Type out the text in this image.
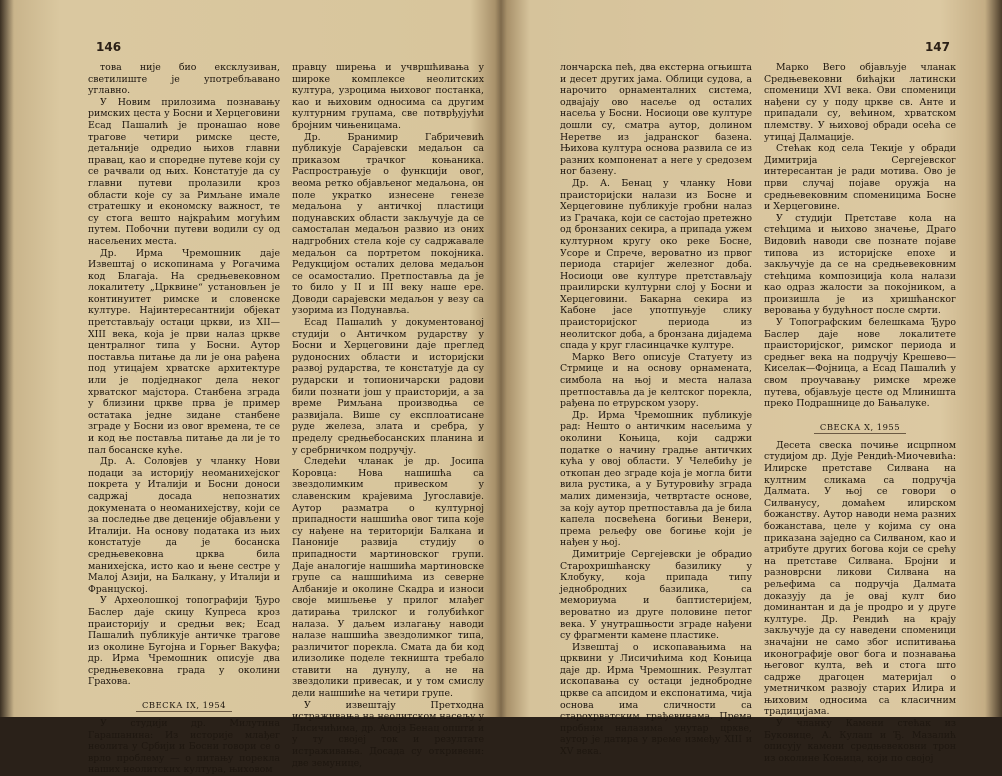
146

това није био ексклузиван, светилиште је употребљавано углавно.

У Новим прилозима познавању римских цеста у Босни и Херцеговини Есад Пашалић је пронашао нове трагове четири римске цесте, детаљније одредио њихов главни правац, као и споредне путеве који су се рачвали од њих. Констатује да су главни путеви пролазили кроз области које су за Римљане имале стратешку и економску важност, те су стога вешто најкраћим могућим путем. Побочни путеви водили су од насељених места.

Др. Ирма Чремошник даје Извештај о ископинама у Рогачима код Благаја. На средњевековном локалитету „Црквине“ установљен је континуитет римске и словенске културе. Најинтересантнији објекат претстављају остаци цркви, из XII—XIII века, која је први налаз цркве централног типа у Босни. Аутор поставља питање да ли је она рађена под утицајем хрватске архитектуре или је подједнаког дела неког хрватског мајстора. Станбена зграда у близини цркве прва је пример остатака једне зидане станбене зграде у Босни из овог времена, те се и код ње поставља питање да ли је то пал босанске куће.

Др. А. Соловјев у чланку Нови подаци за историју неоманихејског покрета у Италији и Босни доноси садржај досада непознатих докумената о неоманихејству, који се за последње две деценије објављени у Италији. На основу података из њих констатује да је босанска средњевековна црква била манихејска, исто као и њене сестре у Малој Азији, на Балкану, у Италији и Француској.

У Археолошкој топографији Ђуро Баслер даје скицу Купреса кроз праисторију и средњи век; Есад Пашалић публикује античке трагове из околине Бугојна и Горњег Вакуфа; др. Ирма Чремошник описује два средњевековна града у околини Грахова.

СВЕСКА IX, 1954

У студији др. Милутина Гарашанина: Из историје млађег неолита у Србији и Босни говори се о врло проблему — о питању порекла наших неолитских култура, њиховом

правцу ширења и учвршћивања у широке комплексе неолитских култура, узроцима њиховог постанка, као и њиховим односима са другим културним групама, све потврђујући бројним чињеницама.

Др. Бранимир Габричевић публикује Сарајевски медаљон са приказом трачког коњаника. Распрострањује о функцији овог, веома ретко објављеног медаљона, он поле укратко изнесене генезе медаљона у античкој пластици подунавских области закључује да се самосталан медаљон развио из оних надгробних стела које су садржавале медаљон са портретом покојника. Редукцијом осталих делова медаљон се осамосталио. Претпоставља да је то било у II и III веку наше ере. Доводи сарајевски медаљон у везу са узорима из Подунавља.

Есад Пашалић у документованој студији о Античком рударству у Босни и Херцеговини даје преглед рудоносних области и историјски развој рударства, те констатује да су рударски и топионичарски радови били познати још у праисторији, а за време Римљана производња се развијала. Више су експлоатисане руде железа, злата и сребра, у пределу средњебосанских планина и у сребрничком подручју.

Следећи чланак је др. Јосипа Коровца: Нова нашишћа са звездолимким привеском у славенским крајевима Југославије. Аутор разматра о културној припадности нашшића овог типа које су нађене на територији Балкана и Паноније развија студију о припадности мартиновског групи. Даје аналогије нашшића мартиновске групе са нашшићима из северне Албаније и околине Скадра и износи своје мишљење у прилог млађег датирања трилског и голубићког налаза. У даљем излагању наводи налазе нашшића звездолимког типа, различитог порекла. Смата да би код илизолике поделе текништа требало ставити на дунулу, а не на звездолики привесак, и у том смислу дели нашшиће на четири групе.

У извештају Претходна истраживања на неолитском насељу у Лисичићима, др. Алојз Бенац општи и у ту својеј ток и резултате истраживања. Досада су откривени: две земунице,

147

лончарска пећ, два екстерна огњишта и десет других јама. Облици судова, а нарочито орнаменталних система, одвајају ово насеље од осталих насеља у Босни. Носиоци ове културе дошли су, сматра аутор, долином Неретве из јадранског базена. Њихова култура основа развила се из разних компоненат а неге у средозем ног базену.

Др. А. Бенац у чланку Нови праисторијски налази из Босне и Херцеговине публикује гробни налаз из Грачака, који се састојао претежно од бронзаних секира, а припада ужем културном кругу око реке Босне, Усоре и Спрече, вероватно из првог периода старијег железног доба. Носиоци ове културе претстављају праилирски културни слој у Босни и Херцеговини. Бакарна секира из Кабоне јасе употпуњује слику праисторијског периода из неолитског доба, а бронзана дијадема спада у круг гласинцачке културе.

Марко Вего описује Статуету из Стрмице и на основу орнамената, симбола на њој и места налаза претпоставља да је келтског порекла, рађена по етрурском узору.

Др. Ирма Чремошник публикује рад: Нешто о античким насељима у околини Коњица, који садржи податке о начину градње античких кућа у овој области. У Челебићу је откопан део зграде која је могла бити вила рустика, а у Бутуровићу зграда малих димензија, четвртасте основе, за коју аутор претпоставља да је била капела посвећена богињи Венери, према рељефу ове богиње који је нађен у њој.

Димитрије Сергејевски је обрадио Старохришћанску базилику у Клобуку, која припада типу једнобродних базилика, са мемориума и баптистеријем, вероватно из друге половине петог века. У унутрашњости зграде нађени су фрагменти камене пластике.

Извештај о ископавањима на црквини у Лисичићима код Коњица даје др. Ирма Чремошник. Резултат ископавања су остаци једнобродне цркве са апсидом и експонатима, чија основа има сличности са старохрватским грађевинама. Према пробним налазима унутар цркве, аутор је датира у време између XIII и XV века.

Марко Вего објављује чланак Средњевековни бићајки латински споменици XVI века. Ови споменици нађени су у поду цркве св. Анте и припадали су, већином, хрватском племству. У њиховој обради осећа се утицај Далмације.

Стећак код села Текије у обради Димитрија Сергејевског интересантан је ради мотива. Ово је први случај појаве оружја на средњевековним споменицима Босне и Херцеговине.

У студији Претставе кола на стећцима и њихово значење, Драго Видовић наводи све познате појаве типова из историјске епохе и закључује да се на средњевековним стећцима композиција кола налази као одраз жалости за покојником, а произишла је из хришћанског веровања у будућност после смрти.

У Топографским белешкама Ђуро Баслер даје нове локалитете праисторијског, римског периода и средњег века на подручју Крешево—Киселак—Фојница, а Есад Пашалић у свом проучавању римске мреже путева, објављује цесте од Млиништа преко Подрашнице до Бањалуке.

СВЕСКА X, 1955

Десета свеска почиње исцрпном студијом др. Дује Рендић-Миочевића: Илирске претставе Силвана на култним сликама са подручја Далмата. У њој се говори о Силванусу, домаћем илирском божанству. Аутор наводи нема разних божанстава, целе у којима су она приказана заједно са Силваном, као и атрибуте других богова који се срећу на претставе Силвана. Бројни и разноврсни ликови Силвана на рељефима са подручја Далмата доказују да је овај култ био доминантан и да је продро и у друге културе. Др. Рендић на крају закључује да су наведени споменици значајни не само због испитивања иконографије овог бога и познавања његовог култа, већ и стога што садрже драгоцен материјал о уметничком развоју старих Илира и њиховим односима са класичним традицијама.

У чланку Камени стећак из Буковице, А. Кулаш и Ђ. Мазалић описују камени средњевековни трон из околине Коњица, који по својој
